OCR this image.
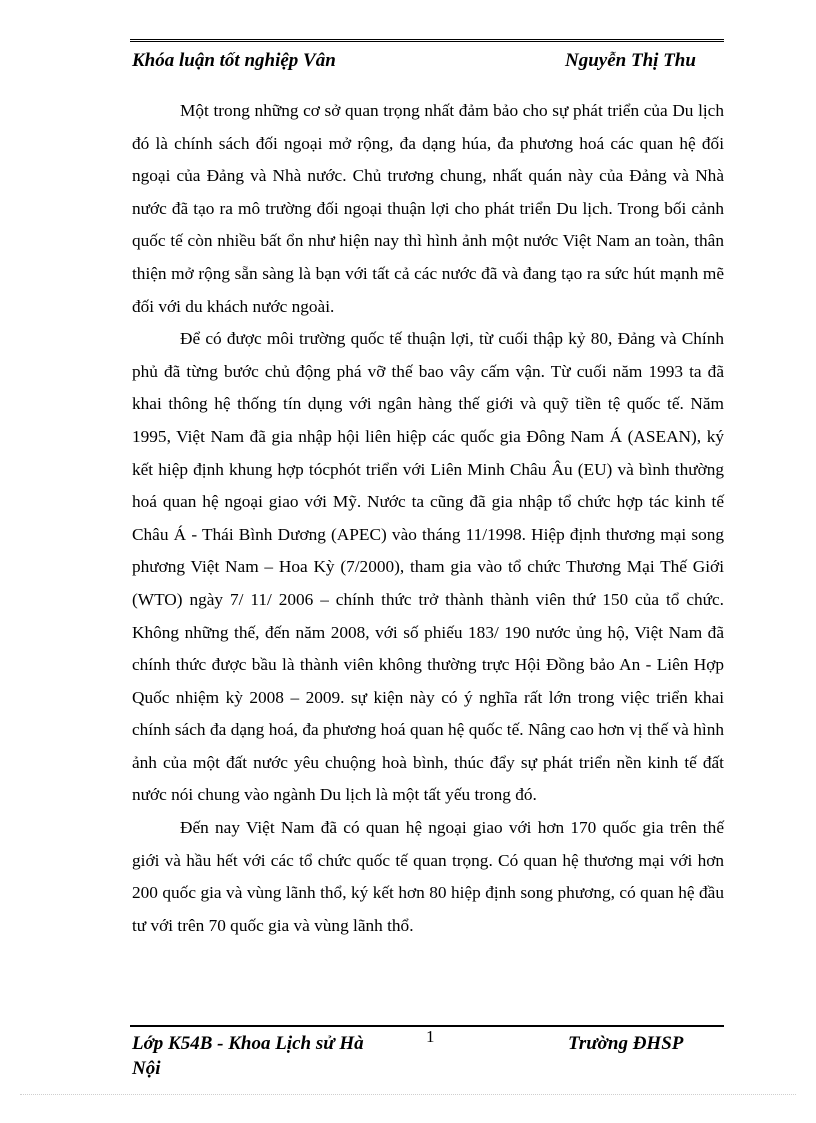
Khóa luận tốt nghiệp Vân	Nguyễn Thị Thu

Một trong những cơ sở quan trọng nhất đảm bảo cho sự phát triển của Du lịch đó là chính sách đối ngoại mở rộng, đa dạng húa, đa phương hoá các quan hệ đối ngoại của Đảng và Nhà nước. Chủ trương chung, nhất quán này của Đảng và Nhà nước đã tạo ra mô trường đối ngoại thuận lợi cho phát triển Du lịch. Trong bối cảnh quốc tế còn nhiều bất ổn như hiện nay thì hình ảnh một nước Việt Nam an toàn, thân thiện mở rộng sẵn sàng là bạn với tất cả các nước đã và đang tạo ra sức hút mạnh mẽ đối với du khách nước ngoài.

Để có được môi trường quốc tế thuận lợi, từ cuối thập kỷ 80, Đảng và Chính phủ đã từng bước chủ động phá vỡ thế bao vây cấm vận. Từ cuối năm 1993 ta đã khai thông hệ thống tín dụng với ngân hàng thế giới và quỹ tiền tệ quốc tế. Năm 1995, Việt Nam đã gia nhập hội liên hiệp các quốc gia Đông Nam Á (ASEAN), ký kết hiệp định khung hợp tócphót triển với Liên Minh Châu Âu (EU) và bình thường hoá quan hệ ngoại giao với Mỹ. Nước ta cũng đã gia nhập tổ chức hợp tác kinh tế Châu Á - Thái Bình Dương (APEC) vào tháng 11/1998. Hiệp định thương mại song phương Việt Nam – Hoa Kỳ (7/2000), tham gia vào tổ chức Thương Mại Thế Giới (WTO) ngày 7/ 11/ 2006 – chính thức trở thành thành viên thứ 150 của tổ chức. Không những thế, đến năm 2008, với số phiếu 183/ 190 nước ủng hộ, Việt Nam đã chính thức được bầu là thành viên không thường trực Hội Đồng bảo An - Liên Hợp Quốc nhiệm kỳ 2008 – 2009. sự kiện này có ý nghĩa rất lớn trong việc triển khai chính sách đa dạng hoá, đa phương hoá quan hệ quốc tế. Nâng cao hơn vị thế và hình ảnh của một đất nước yêu chuộng hoà bình, thúc đẩy sự phát triển nền kinh tế đất nước nói chung vào ngành Du lịch là một tất yếu trong đó.

Đến nay Việt Nam đã có quan hệ ngoại giao với hơn 170 quốc gia trên thế giới và hầu hết với các tổ chức quốc tế quan trọng. Có quan hệ thương mại với hơn 200 quốc gia và vùng lãnh thổ, ký kết hơn 80 hiệp định song phương, có quan hệ đầu tư với trên 70 quốc gia và vùng lãnh thổ.

Lớp K54B - Khoa Lịch sử Hà Nội
1	Trường ĐHSP
